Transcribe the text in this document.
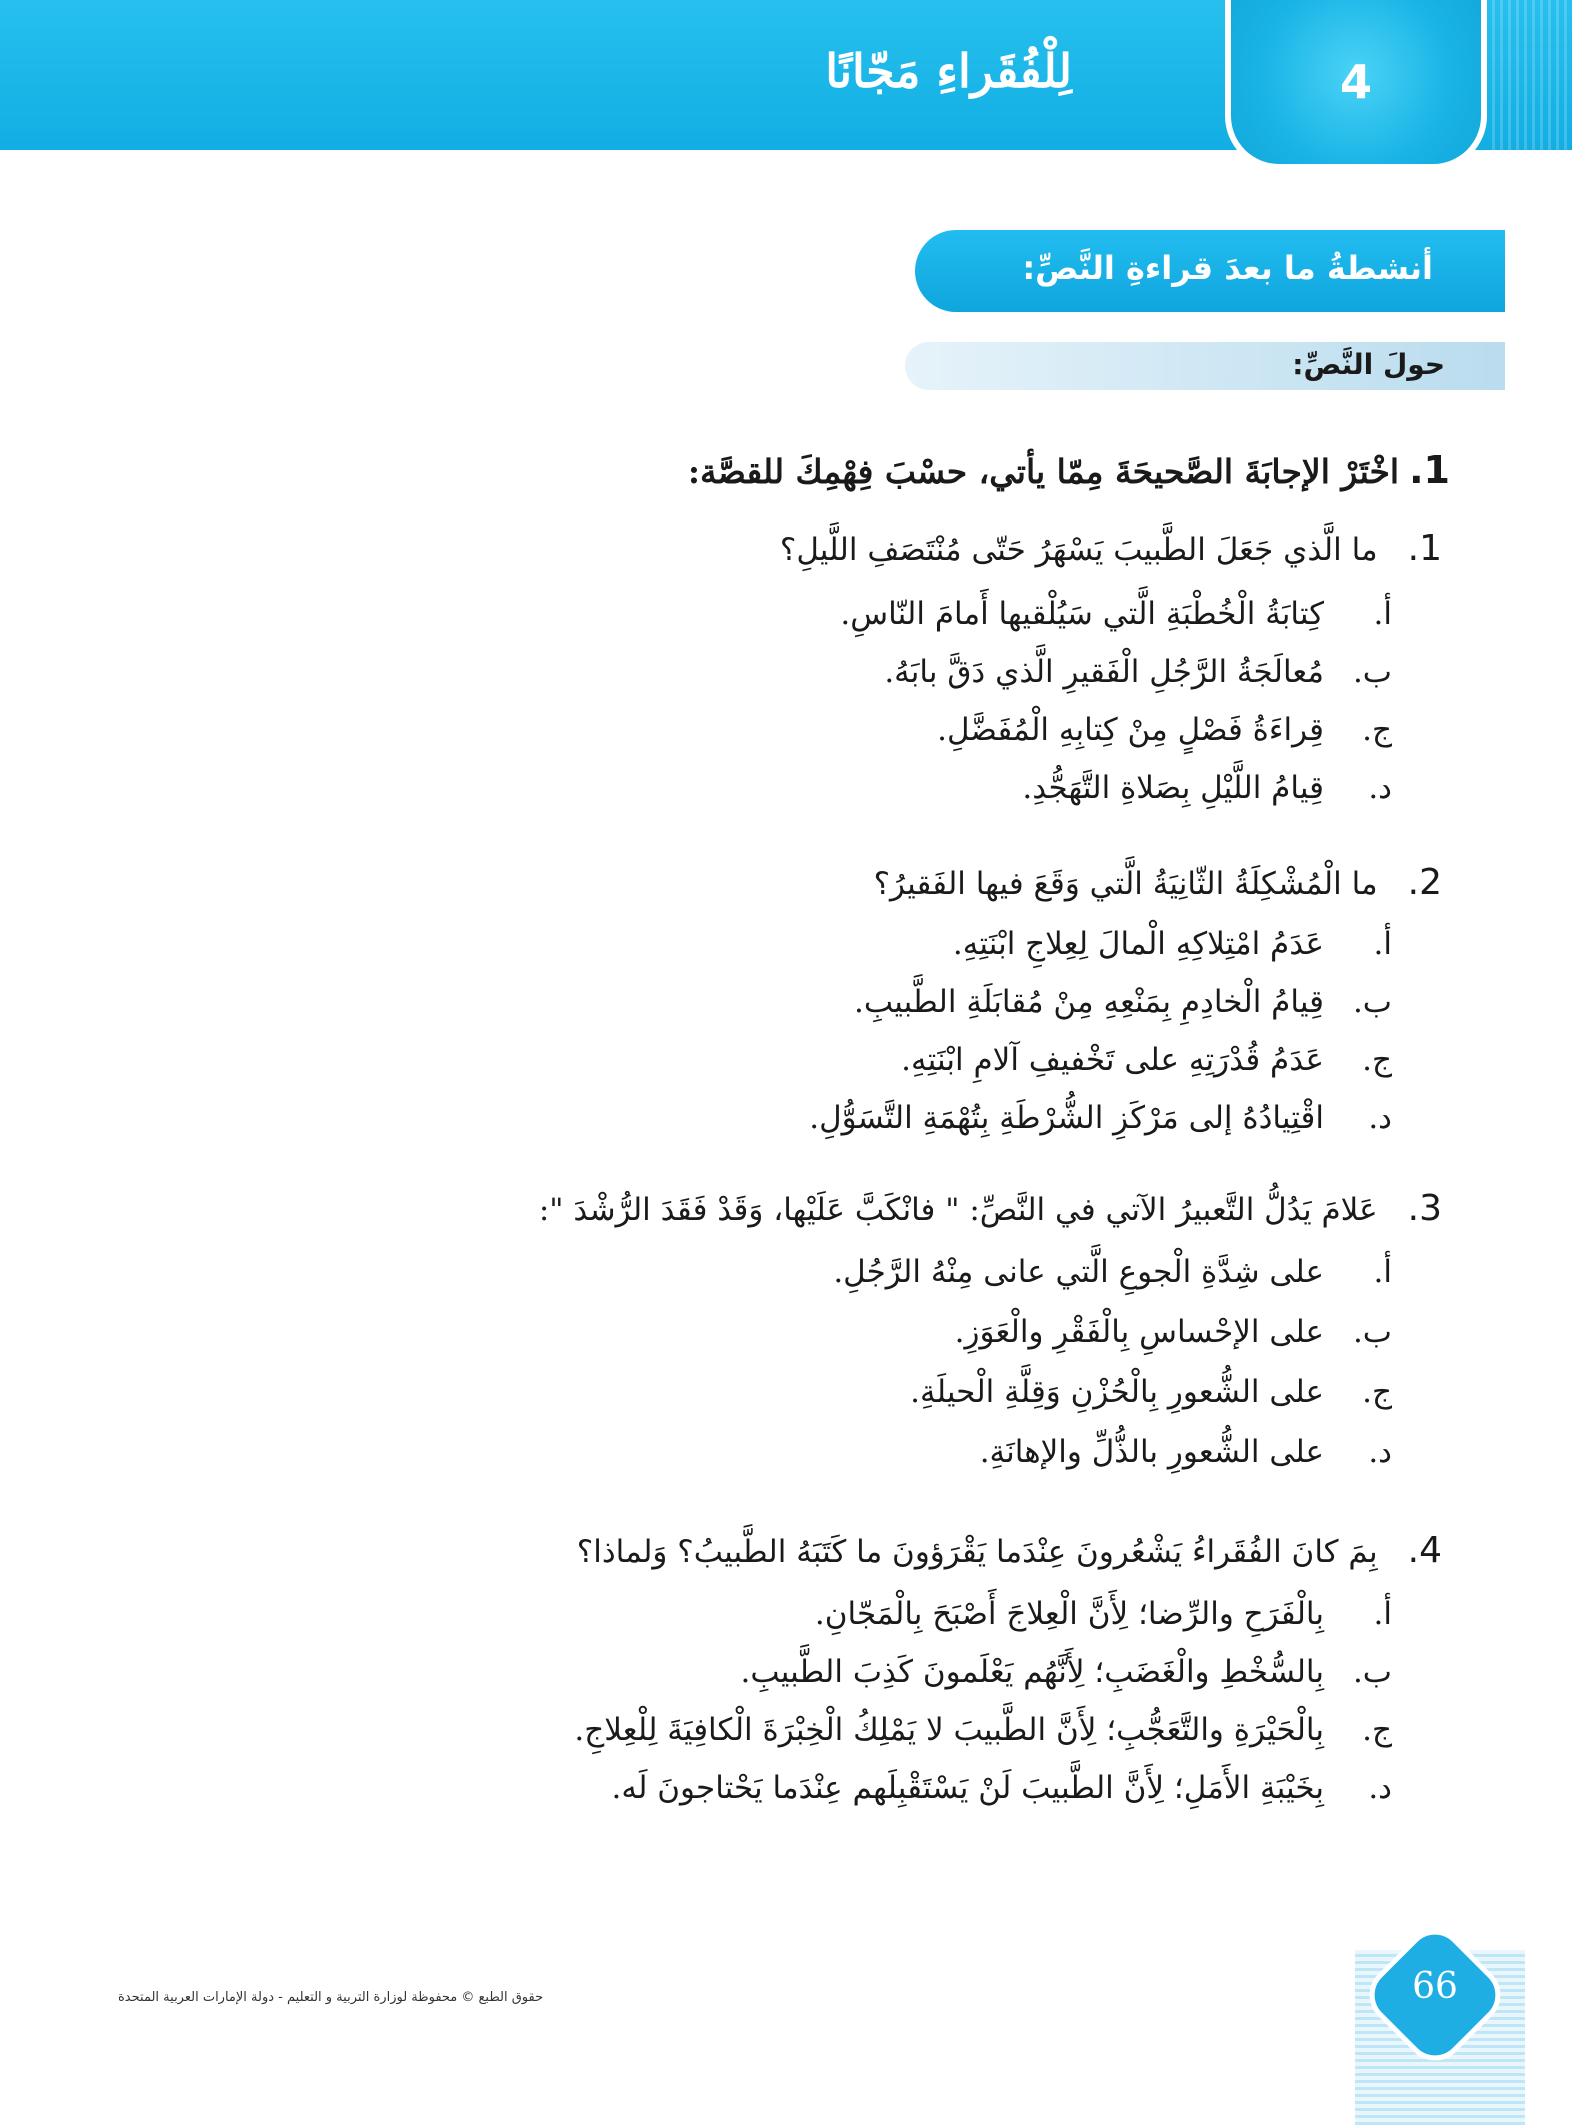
4
لِلْفُقَراءِ مَجّانًا
أنشطةُ ما بعدَ قراءةِ النَّصِّ:
حولَ النَّصِّ:
1.اخْتَرْ الإجابَةَ الصَّحيحَةَ مِمّا يأتي، حسْبَ فِهْمِكَ للقصَّة:
1.ما الَّذي جَعَلَ الطَّبيبَ يَسْهَرُ حَتّى مُنْتَصَفِ اللَّيلِ؟
أ.كِتابَةُ الْخُطْبَةِ الَّتي سَيُلْقيها أَمامَ النّاسِ.
ب.مُعالَجَةُ الرَّجُلِ الْفَقيرِ الَّذي دَقَّ بابَهُ.
ج.قِراءَةُ فَصْلٍ مِنْ كِتابِهِ الْمُفَضَّلِ.
د.قِيامُ اللَّيْلِ بِصَلاةِ التَّهَجُّدِ.
2.ما الْمُشْكِلَةُ الثّانِيَةُ الَّتي وَقَعَ فيها الفَقيرُ؟
أ.عَدَمُ امْتِلاكِهِ الْمالَ لِعِلاجِ ابْنَتِهِ.
ب.قِيامُ الْخادِمِ بِمَنْعِهِ مِنْ مُقابَلَةِ الطَّبيبِ.
ج.عَدَمُ قُدْرَتِهِ على تَخْفيفِ آلامِ ابْنَتِهِ.
د.اقْتِيادُهُ إلى مَرْكَزِ الشُّرْطَةِ بِتُهْمَةِ التَّسَوُّلِ.
3.عَلامَ يَدُلُّ التَّعبيرُ الآتي في النَّصِّ: " فانْكَبَّ عَلَيْها، وَقَدْ فَقَدَ الرُّشْدَ ":
أ.على شِدَّةِ الْجوعِ الَّتي عانى مِنْهُ الرَّجُلِ.
ب.على الإحْساسِ بِالْفَقْرِ والْعَوَزِ.
ج.على الشُّعورِ بِالْحُزْنِ وَقِلَّةِ الْحيلَةِ.
د.على الشُّعورِ بالذُّلِّ والإهانَةِ.
4.بِمَ كانَ الفُقَراءُ يَشْعُرونَ عِنْدَما يَقْرَؤونَ ما كَتَبَهُ الطَّبيبُ؟ وَلماذا؟
أ.بِالْفَرَحِ والرِّضا؛ لِأَنَّ الْعِلاجَ أَصْبَحَ بِالْمَجّانِ.
ب.بِالسُّخْطِ والْغَضَبِ؛ لِأَنَّهُم يَعْلَمونَ كَذِبَ الطَّبيبِ.
ج.بِالْحَيْرَةِ والتَّعَجُّبِ؛ لِأَنَّ الطَّبيبَ لا يَمْلِكُ الْخِبْرَةَ الْكافِيَةَ لِلْعِلاجِ.
د.بِخَيْبَةِ الأَمَلِ؛ لِأَنَّ الطَّبيبَ لَنْ يَسْتَقْبِلَهم عِنْدَما يَحْتاجونَ لَه.
حقوق الطبع © محفوظة لوزارة التربية و التعليم - دولة الإمارات العربية المتحدة	66
